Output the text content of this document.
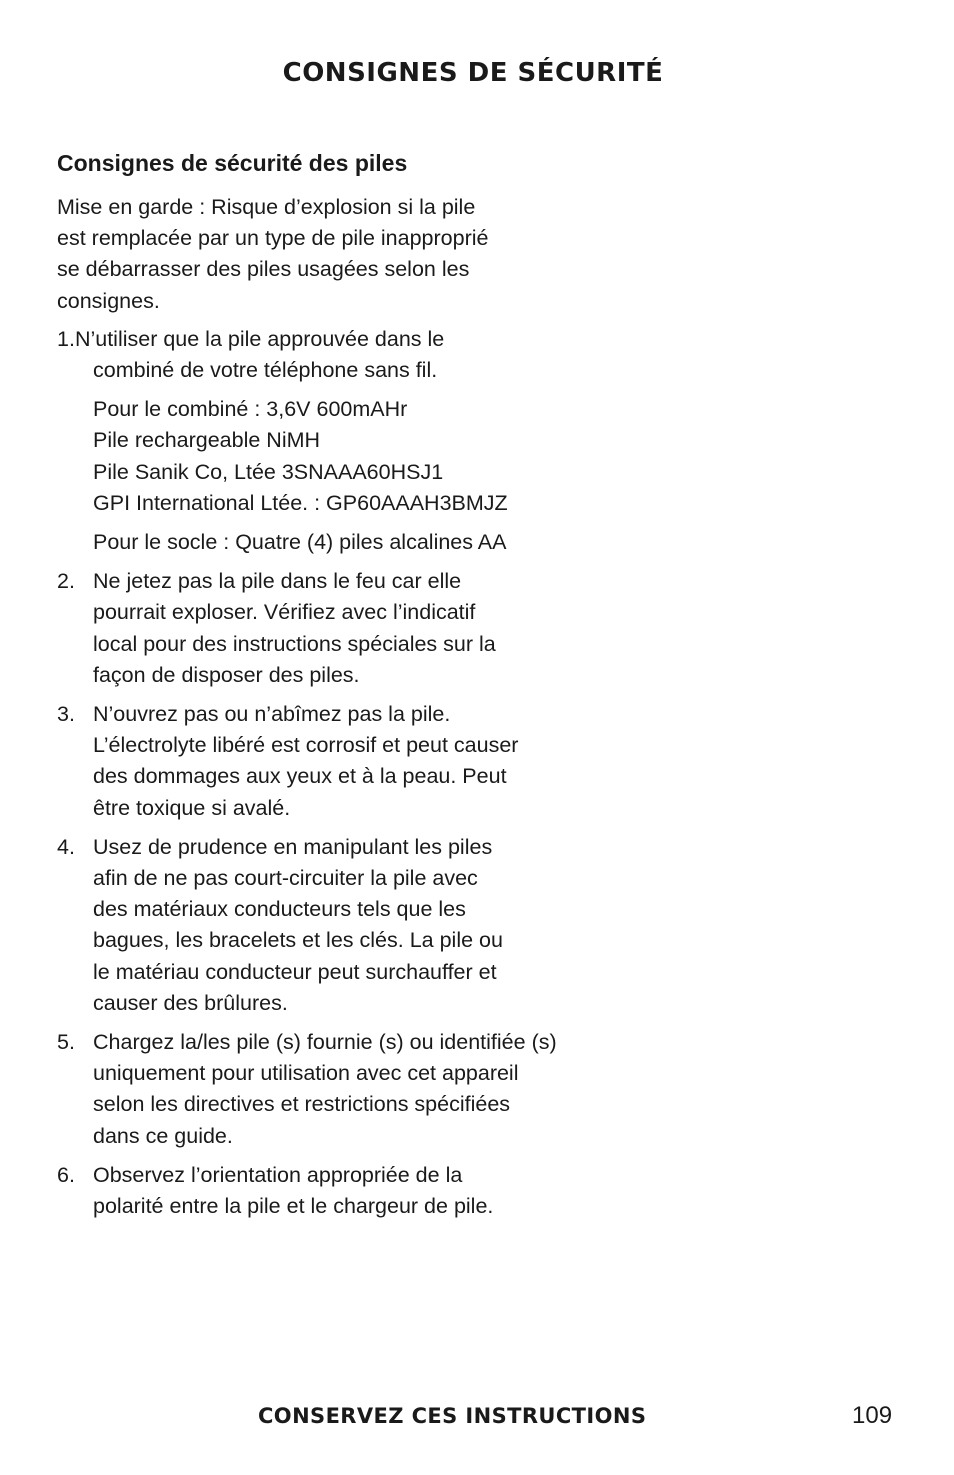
CONSIGNES DE SÉCURITÉ
Consignes de sécurité des piles
Mise en garde : Risque d’explosion si la pile
est remplacée par un type de pile inapproprié
se débarrasser des piles usagées selon les
consignes.
1.N’utiliser que la pile approuvée dans le
combiné de votre téléphone sans fil.
Pour le combiné : 3,6V 600mAHr
Pile rechargeable NiMH
Pile Sanik Co, Ltée 3SNAAA60HSJ1
GPI International Ltée. : GP60AAAH3BMJZ
Pour le socle : Quatre (4) piles alcalines AA
2. Ne jetez pas la pile dans le feu car elle
pourrait exploser. Vérifiez avec l’indicatif
local pour des instructions spéciales sur la
façon de disposer des piles.
3. N’ouvrez pas ou n’abîmez pas la pile.
L’électrolyte libéré est corrosif et peut causer
des dommages aux yeux et à la peau. Peut
être toxique si avalé.
4. Usez de prudence en manipulant les piles
afin de ne pas court-circuiter la pile avec
des matériaux conducteurs tels que les
bagues, les bracelets et les clés. La pile ou
le matériau conducteur peut surchauffer et
causer des brûlures.
5. Chargez la/les pile (s) fournie (s) ou identifiée (s)
uniquement pour utilisation avec cet appareil
selon les directives et restrictions spécifiées
dans ce guide.
6. Observez l’orientation appropriée de la
polarité entre la pile et le chargeur de pile.
CONSERVEZ CES INSTRUCTIONS	109
